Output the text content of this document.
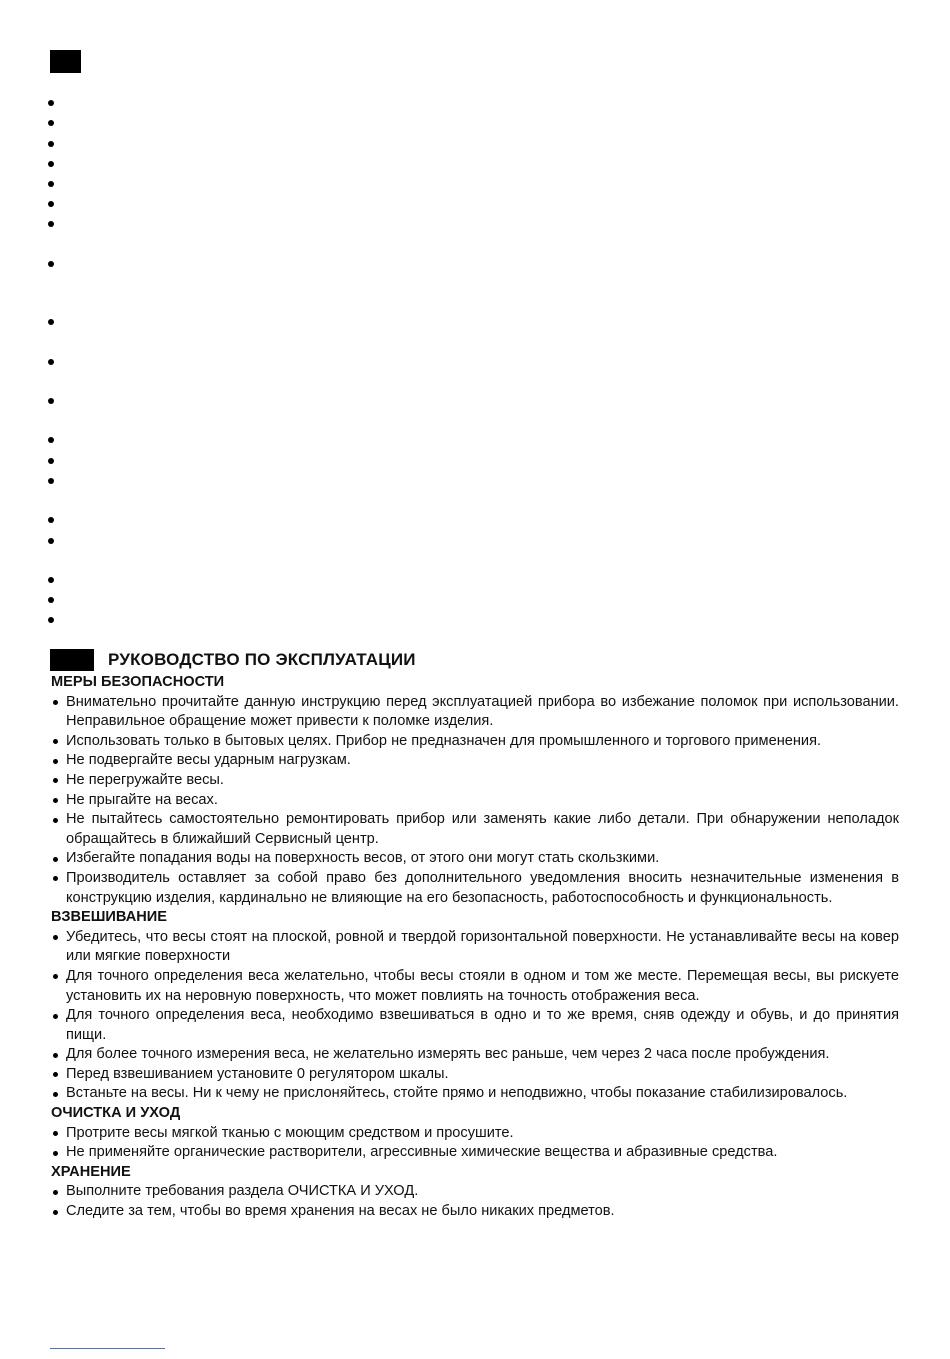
РУКОВОДСТВО ПО ЭКСПЛУАТАЦИИ

МЕРЫ БЕЗОПАСНОСТИ

Внимательно прочитайте данную инструкцию перед эксплуатацией прибора во избежание поломок при использовании. Неправильное обращение может привести к поломке изделия.
Использовать только в бытовых целях. Прибор не предназначен для промышленного и торгового применения.
Не подвергайте весы ударным нагрузкам.
Не перегружайте весы.
Не прыгайте на весах.
Не пытайтесь самостоятельно ремонтировать прибор или заменять какие либо детали. При обнаружении неполадок обращайтесь в ближайший Сервисный центр.
Избегайте попадания воды на поверхность весов, от этого они могут стать скользкими.
Производитель оставляет за собой право без дополнительного уведомления вносить незначительные изменения в конструкцию изделия, кардинально не влияющие на его безопасность, работоспособность и функциональность.

ВЗВЕШИВАНИЕ

Убедитесь, что весы стоят на плоской, ровной и твердой горизонтальной поверхности. Не устанавливайте весы на ковер или мягкие поверхности
Для точного определения веса желательно, чтобы весы стояли в одном и том же месте. Перемещая весы, вы рискуете установить их на неровную поверхность, что может повлиять на точность отображения веса.
Для точного определения веса, необходимо взвешиваться в одно и то же время, сняв одежду и обувь, и до принятия пищи.
Для более точного измерения веса, не желательно измерять вес раньше, чем через 2 часа после пробуждения.
Перед взвешиванием установите 0 регулятором шкалы.
Встаньте на весы. Ни к чему не прислоняйтесь, стойте прямо и неподвижно, чтобы показание стабилизировалось.

ОЧИСТКА И УХОД

Протрите весы мягкой тканью с моющим средством и просушите.
Не применяйте органические растворители, агрессивные химические вещества и абразивные средства.

ХРАНЕНИЕ

Выполните требования раздела ОЧИСТКА И УХОД.
Следите за тем, чтобы во время хранения на весах не было никаких предметов.
